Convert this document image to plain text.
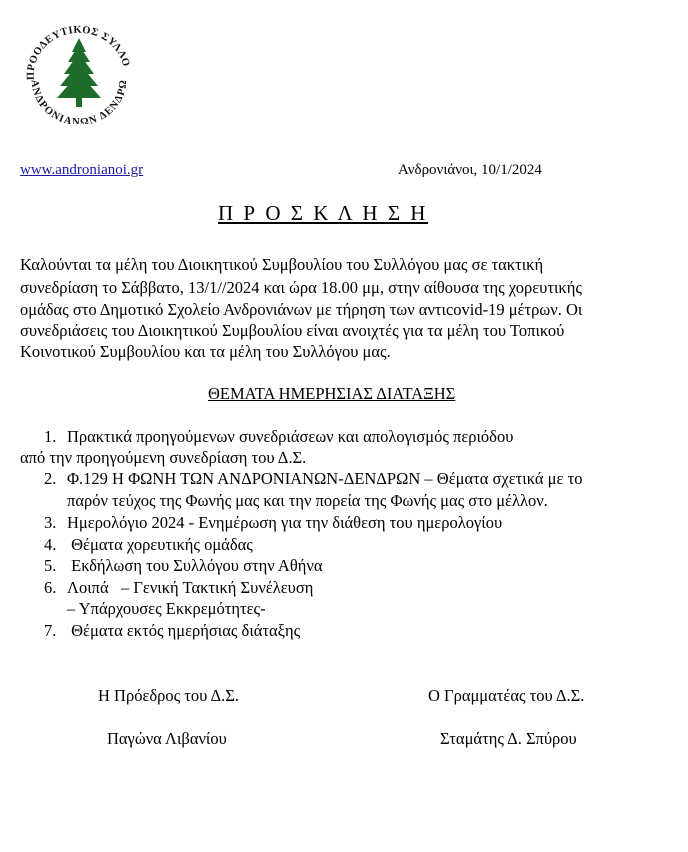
ΠΡΟΟΔΕΥΤΙΚΟΣ ΣΥΛΛΟ
ΑΝΔΡΟΝΙΑΝΩΝ ΔΕΝΔΡΩ
www.andronianoi.gr	Ανδρονιάνοι, 10/1/2024
Π Ρ Ο Σ Κ Λ Η Σ Η
Καλούνται τα μέλη του Διοικητικού Συμβουλίου του Συλλόγου μας σε τακτική
συνεδρίαση το Σάββατο, 13/1//2024 και ώρα 18.00 μμ, στην αίθουσα της χορευτικής
ομάδας στο Δημοτικό Σχολείο Ανδρονιάνων με τήρηση των αντιcovid-19 μέτρων. Οι
συνεδριάσεις του Διοικητικού Συμβουλίου είναι ανοιχτές για τα μέλη του Τοπικού
Κοινοτικού Συμβουλίου και τα μέλη του Συλλόγου μας.
ΘΕΜΑΤΑ ΗΜΕΡΗΣΙΑΣ ΔΙΑΤΑΞΗΣ
1. Πρακτικά προηγούμενων συνεδριάσεων και απολογισμός περιόδου
από την προηγούμενη συνεδρίαση του Δ.Σ.
2. Φ.129 Η ΦΩΝΗ ΤΩΝ ΑΝΔΡΟΝΙΑΝΩΝ-ΔΕΝΔΡΩΝ – Θέματα σχετικά με το
παρόν τεύχος της Φωνής μας και την πορεία της Φωνής μας στο μέλλον.
3. Ημερολόγιο 2024 - Ενημέρωση για την διάθεση του ημερολογίου
4. Θέματα χορευτικής ομάδας
5. Εκδήλωση του Συλλόγου στην Αθήνα
6. Λοιπά   – Γενική Τακτική Συνέλευση
– Υπάρχουσες Εκκρεμότητες-
7. Θέματα εκτός ημερήσιας διάταξης
Η Πρόεδρος του Δ.Σ.	Ο Γραμματέας του Δ.Σ.
Παγώνα Λιβανίου	Σταμάτης Δ. Σπύρου
